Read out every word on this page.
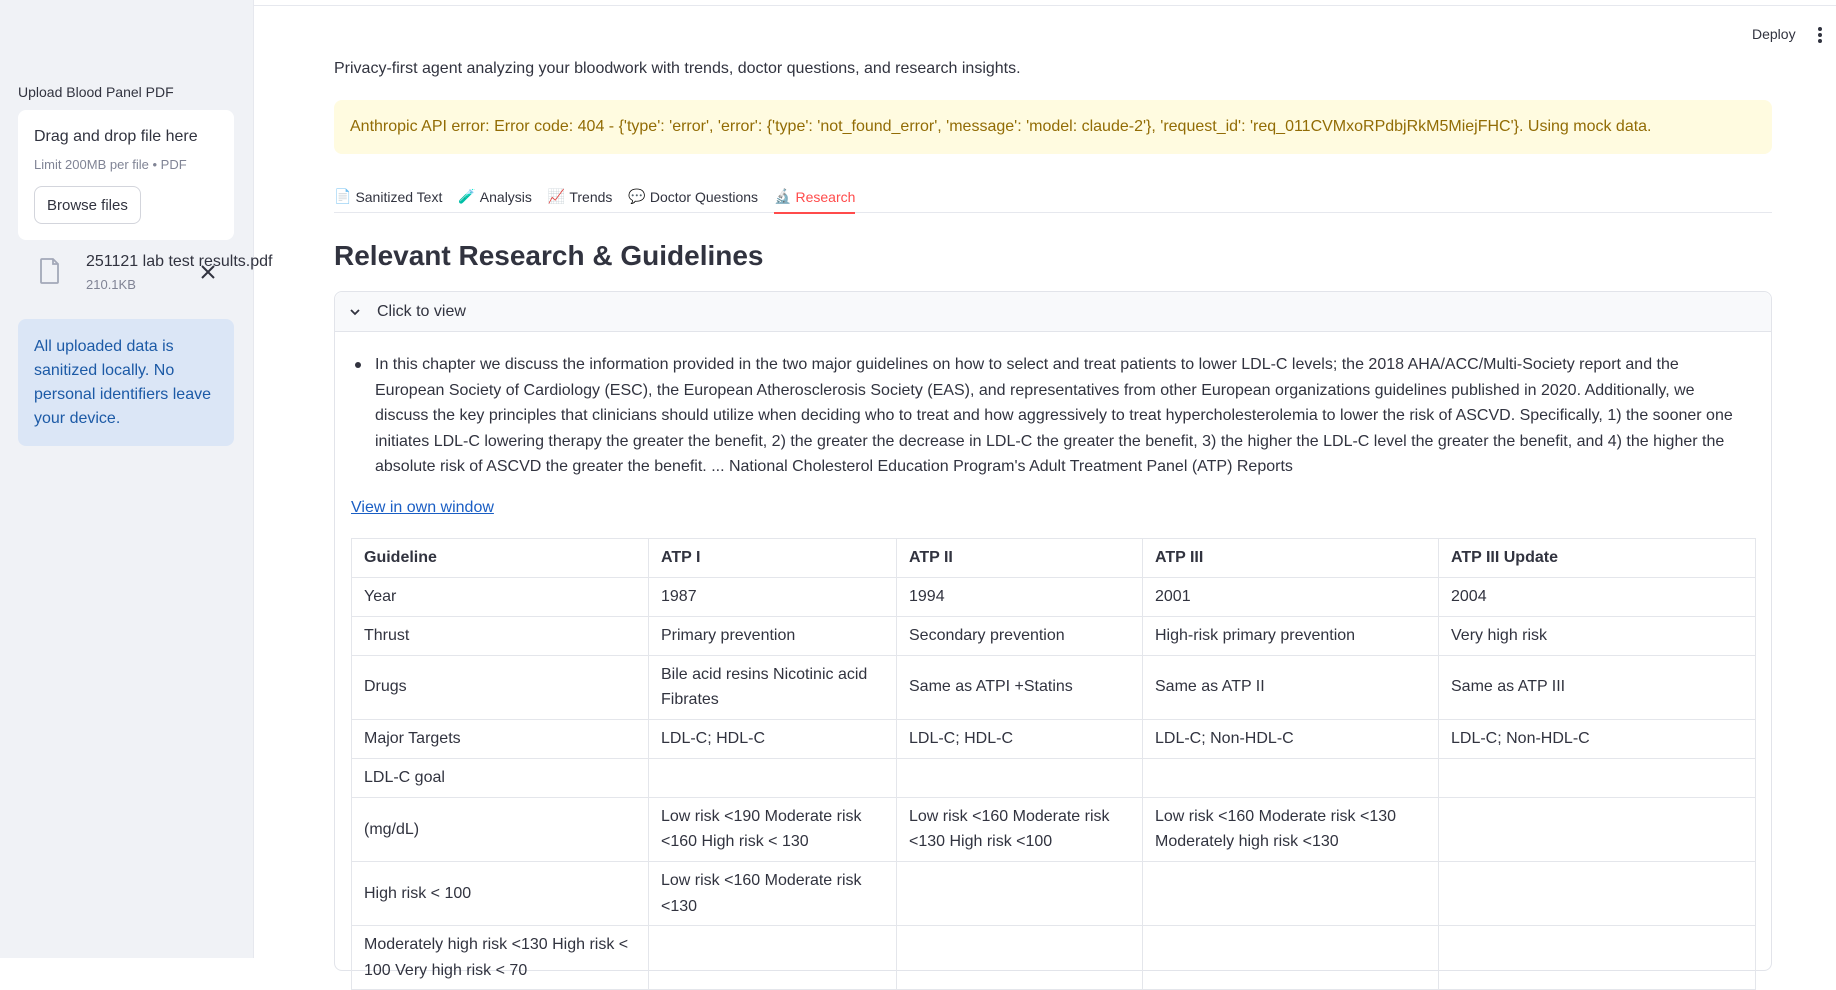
Upload Blood Panel PDF
Drag and drop file here
Limit 200MB per file • PDF
Browse files
251121 lab test results.pdf
210.1KB
All uploaded data is sanitized locally. No personal identifiers leave your device.
Deploy
Privacy-first agent analyzing your bloodwork with trends, doctor questions, and research insights.
Anthropic API error: Error code: 404 - {'type': 'error', 'error': {'type': 'not_found_error', 'message': 'model: claude-2'}, 'request_id': 'req_011CVMxoRPdbjRkM5MiejFHC'}. Using mock data.
📄 Sanitized Text 🧪 Analysis 📈 Trends 💬 Doctor Questions 🔬 Research
Relevant Research & Guidelines
Click to view
In this chapter we discuss the information provided in the two major guidelines on how to select and treat patients to lower LDL-C levels; the 2018 AHA/ACC/Multi-Society report and the European Society of Cardiology (ESC), the European Atherosclerosis Society (EAS), and representatives from other European organizations guidelines published in 2020. Additionally, we discuss the key principles that clinicians should utilize when deciding who to treat and how aggressively to treat hypercholesterolemia to lower the risk of ASCVD. Specifically, 1) the sooner one initiates LDL-C lowering therapy the greater the benefit, 2) the greater the decrease in LDL-C the greater the benefit, 3) the higher the LDL-C level the greater the benefit, and 4) the higher the absolute risk of ASCVD the greater the benefit. ... National Cholesterol Education Program's Adult Treatment Panel (ATP) Reports
View in own window
Guideline	ATP I	ATP II	ATP III	ATP III Update
Year	1987	1994	2001	2004
Thrust	Primary prevention	Secondary prevention	High-risk primary prevention	Very high risk
Drugs	Bile acid resins Nicotinic acid Fibrates	Same as ATPI +Statins	Same as ATP II	Same as ATP III
Major Targets	LDL-C; HDL-C	LDL-C; HDL-C	LDL-C; Non-HDL-C	LDL-C; Non-HDL-C
LDL-C goal				
(mg/dL)	Low risk <190 Moderate risk <160 High risk < 130	Low risk <160 Moderate risk <130 High risk <100	Low risk <160 Moderate risk <130 Moderately high risk <130	
High risk < 100	Low risk <160 Moderate risk <130			
Moderately high risk <130 High risk < 100 Very high risk < 70				
